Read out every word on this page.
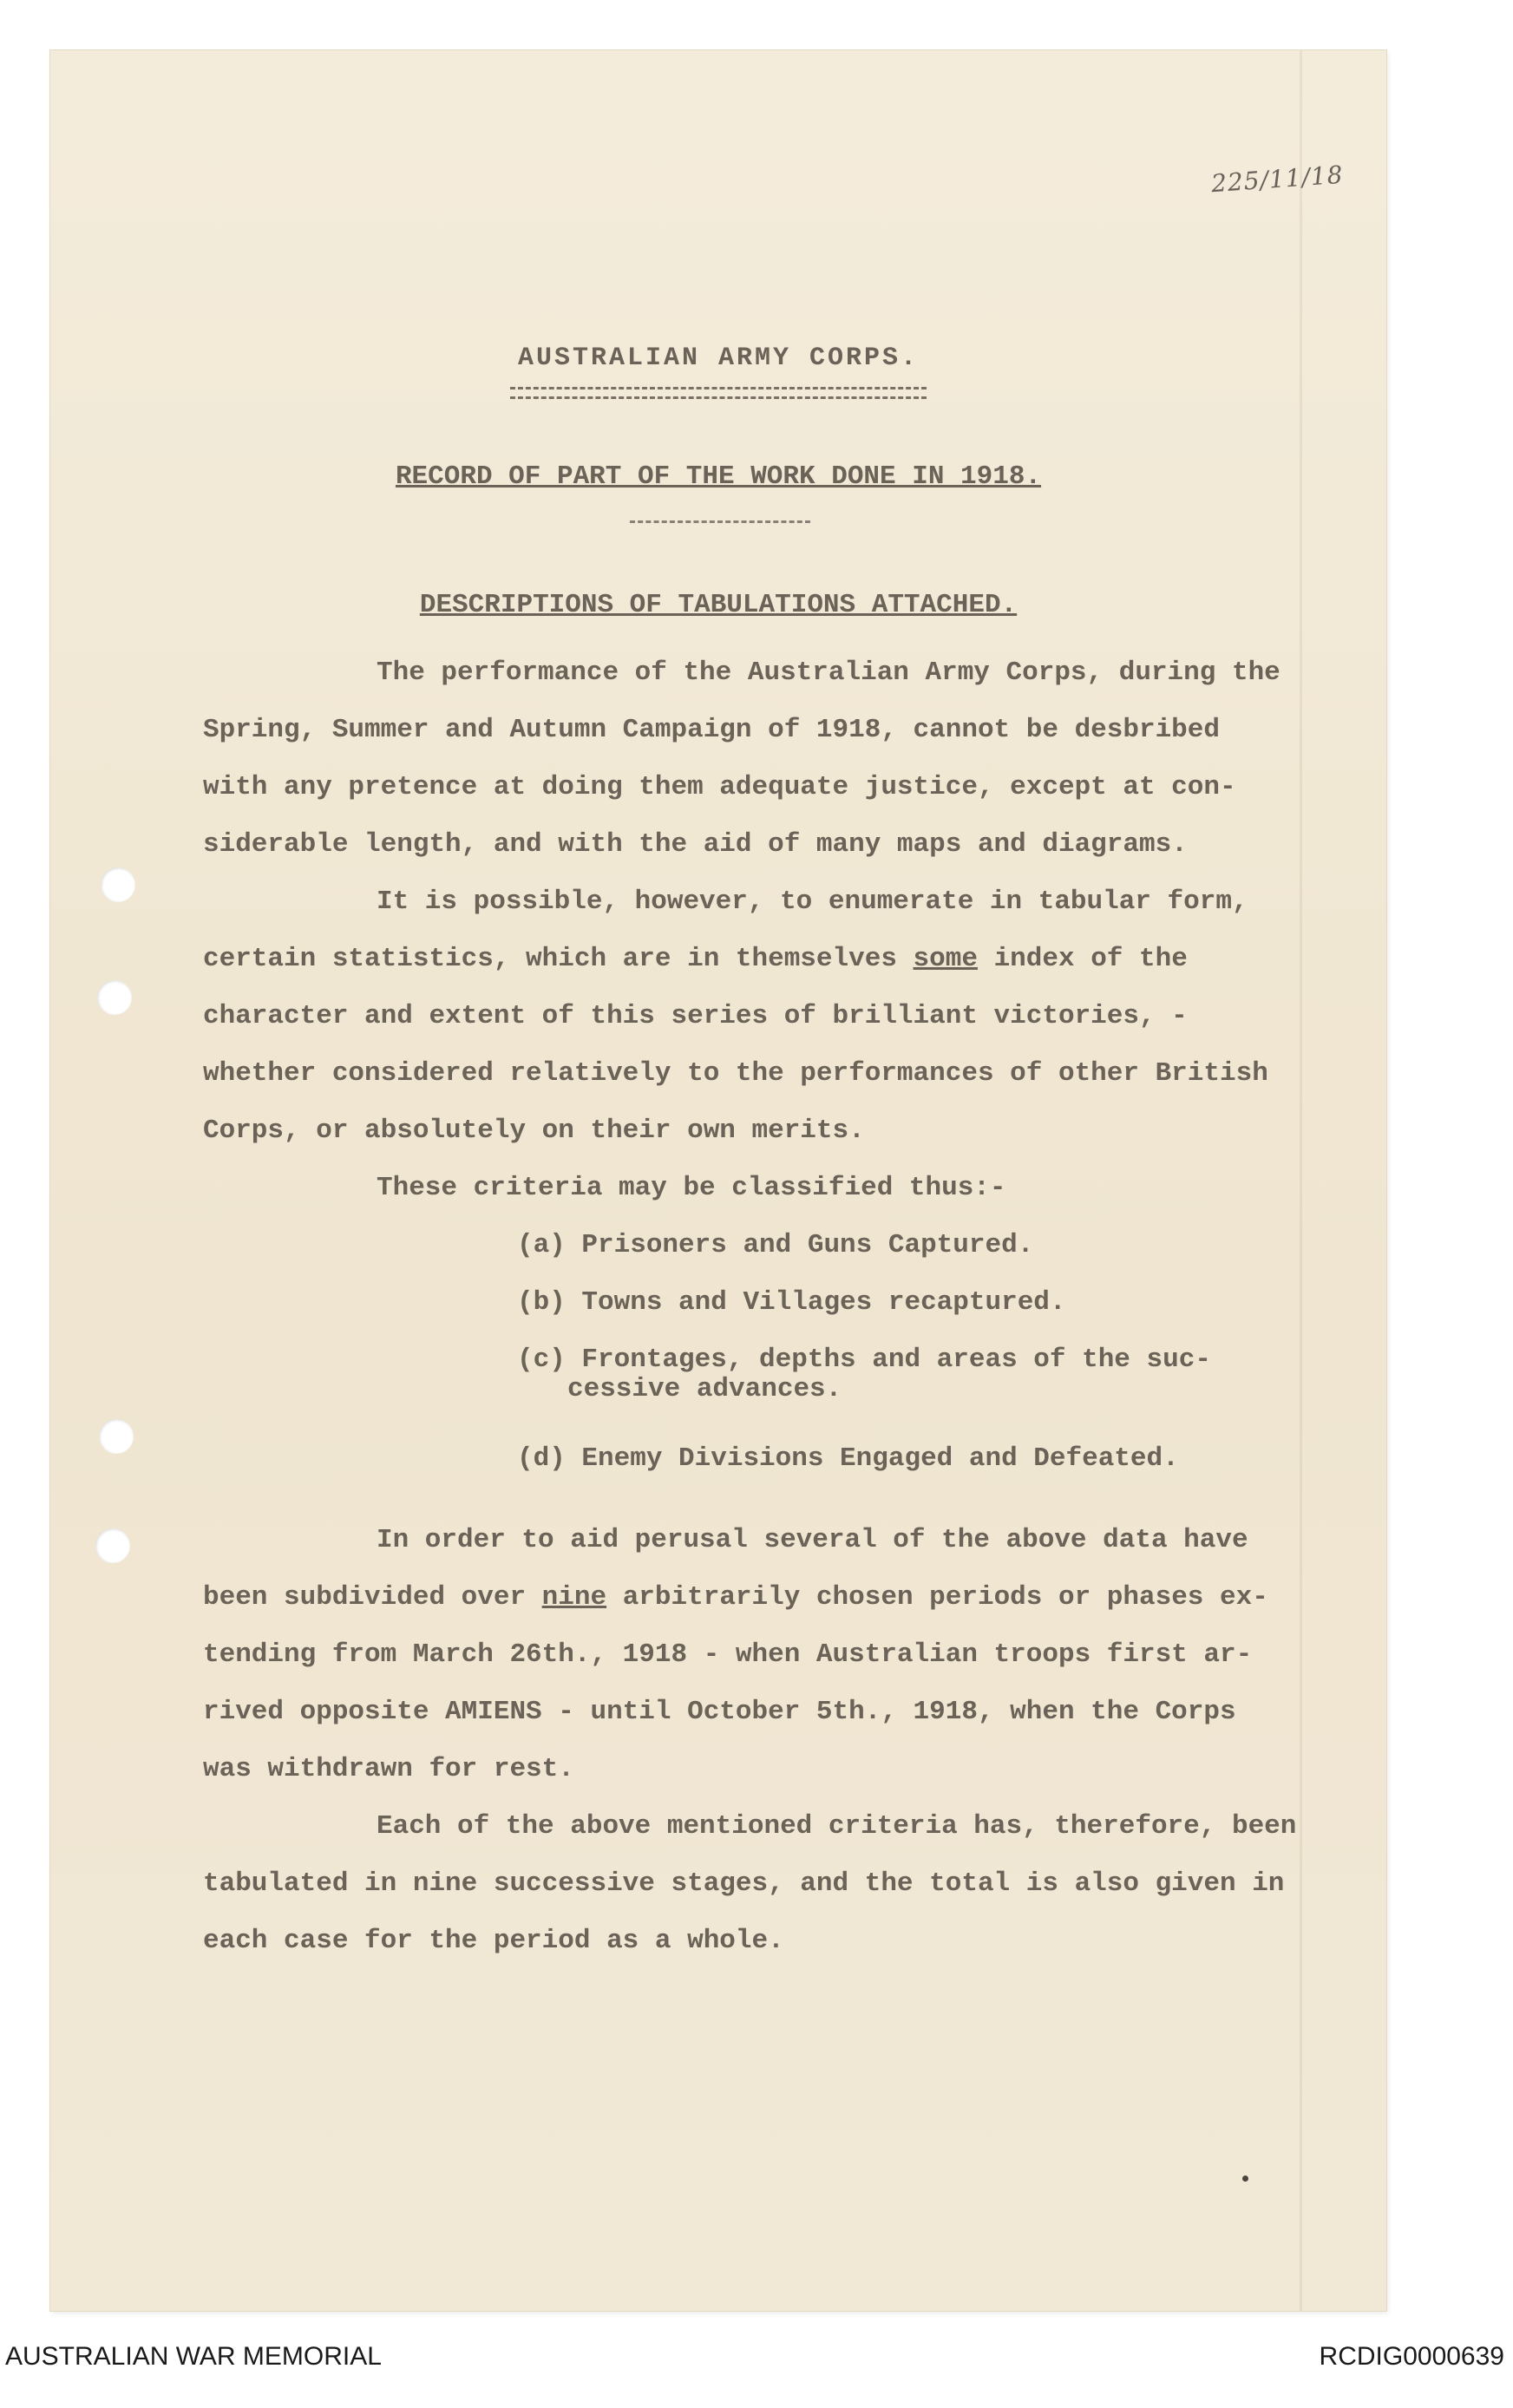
225/11/18
AUSTRALIAN ARMY CORPS.
RECORD OF PART OF THE WORK DONE IN 1918.
DESCRIPTIONS OF TABULATIONS ATTACHED.
The performance of the Australian Army Corps, during the
Spring, Summer and Autumn Campaign of 1918, cannot be desbribed
with any pretence at doing them adequate justice, except at con-
siderable length, and with the aid of many maps and diagrams.
It is possible, however, to enumerate in tabular form,
certain statistics, which are in themselves some index of the
character and extent of this series of brilliant victories, -
whether considered relatively to the performances of other British
Corps, or absolutely on their own merits.
These criteria may be classified thus:-
(a) Prisoners and Guns Captured.
(b) Towns and Villages recaptured.
(c) Frontages, depths and areas of the suc-
cessive advances.
(d) Enemy Divisions Engaged and Defeated.
In order to aid perusal several of the above data have
been subdivided over nine arbitrarily chosen periods or phases ex-
tending from March 26th., 1918 - when Australian troops first ar-
rived opposite AMIENS - until October 5th., 1918, when the Corps
was withdrawn for rest.
Each of the above mentioned criteria has, therefore, been
tabulated in nine successive stages, and the total is also given in
each case for the period as a whole.
AUSTRALIAN WAR MEMORIAL	RCDIG0000639
